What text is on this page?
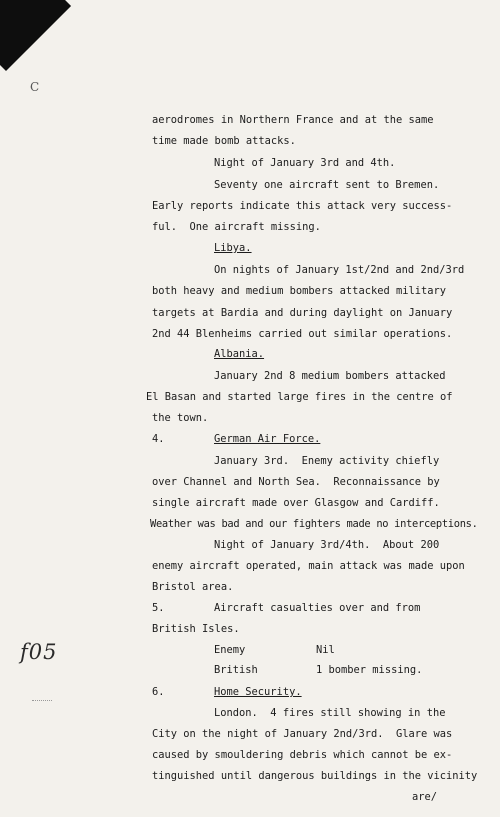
C
aerodromes in Northern France and at the same
time made bomb attacks.
Night of January 3rd and 4th.
Seventy one aircraft sent to Bremen.
Early reports indicate this attack very success-
ful.  One aircraft missing.
Libya.
On nights of January 1st/2nd and 2nd/3rd
both heavy and medium bombers attacked military
targets at Bardia and during daylight on January
2nd 44 Blenheims carried out similar operations.
Albania.
January 2nd 8 medium bombers attacked
El Basan and started large fires in the centre of
the town.
4.	German Air Force.
January 3rd.  Enemy activity chiefly
over Channel and North Sea.  Reconnaissance by
single aircraft made over Glasgow and Cardiff.
Weather was bad and our fighters made no interceptions.
Night of January 3rd/4th.  About 200
enemy aircraft operated, main attack was made upon
Bristol area.
5.	Aircraft casualties over and from
British Isles.
Enemy	Nil
British	1 bomber missing.
6.	Home Security.
London.  4 fires still showing in the
City on the night of January 2nd/3rd.  Glare was
caused by smouldering debris which cannot be ex-
tinguished until dangerous buildings in the vicinity
are/
f05
